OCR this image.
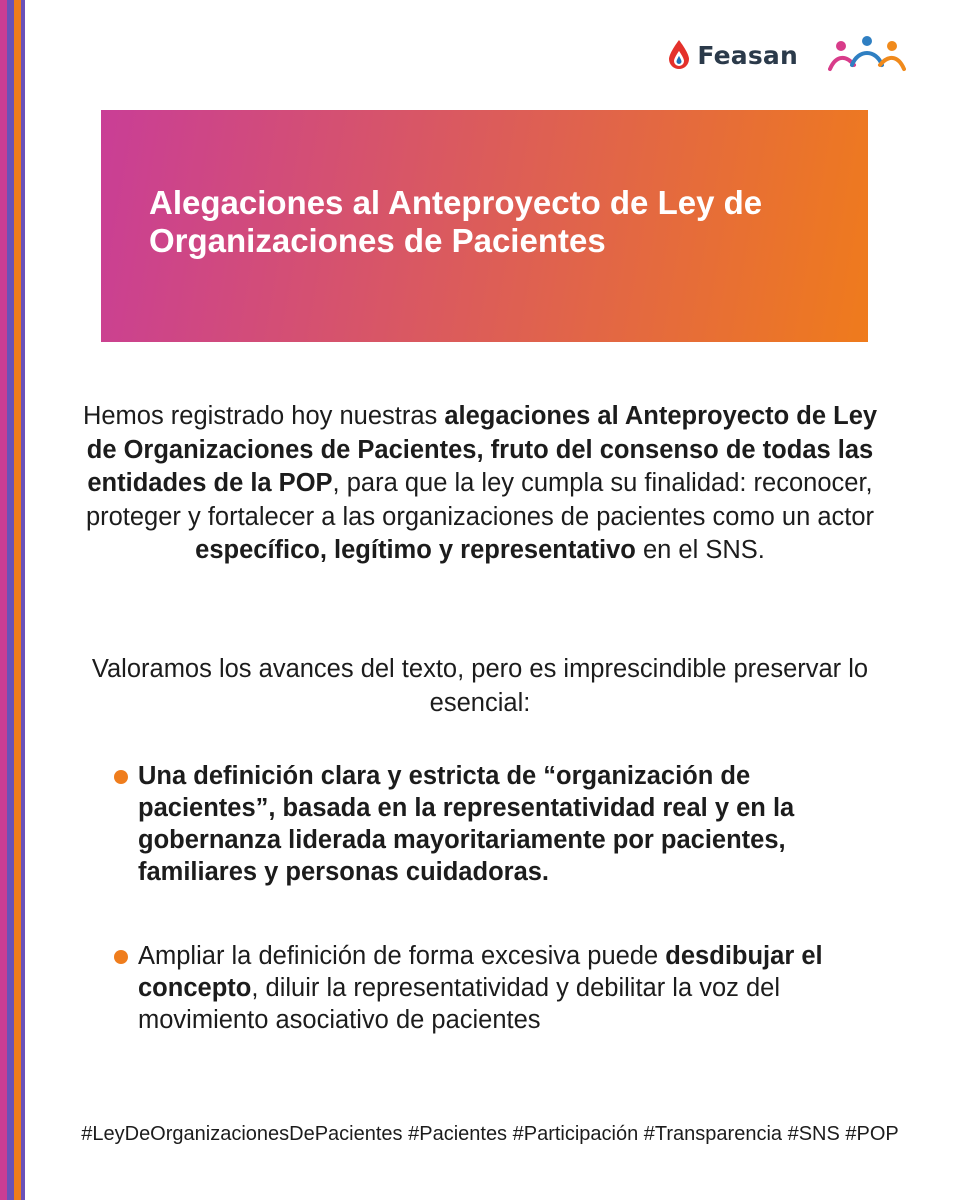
Feasan
Alegaciones al Anteproyecto de Ley de Organizaciones de Pacientes

Hemos registrado hoy nuestras alegaciones al Anteproyecto de Ley de Organizaciones de Pacientes, fruto del consenso de todas las entidades de la POP, para que la ley cumpla su finalidad: reconocer, proteger y fortalecer a las organizaciones de pacientes como un actor específico, legítimo y representativo en el SNS.

Valoramos los avances del texto, pero es imprescindible preservar lo esencial:

Una definición clara y estricta de “organización de pacientes”, basada en la representatividad real y en la gobernanza liderada mayoritariamente por pacientes, familiares y personas cuidadoras.
Ampliar la definición de forma excesiva puede desdibujar el concepto, diluir la representatividad y debilitar la voz del movimiento asociativo de pacientes

#LeyDeOrganizacionesDePacientes #Pacientes #Participación #Transparencia #SNS #POP
